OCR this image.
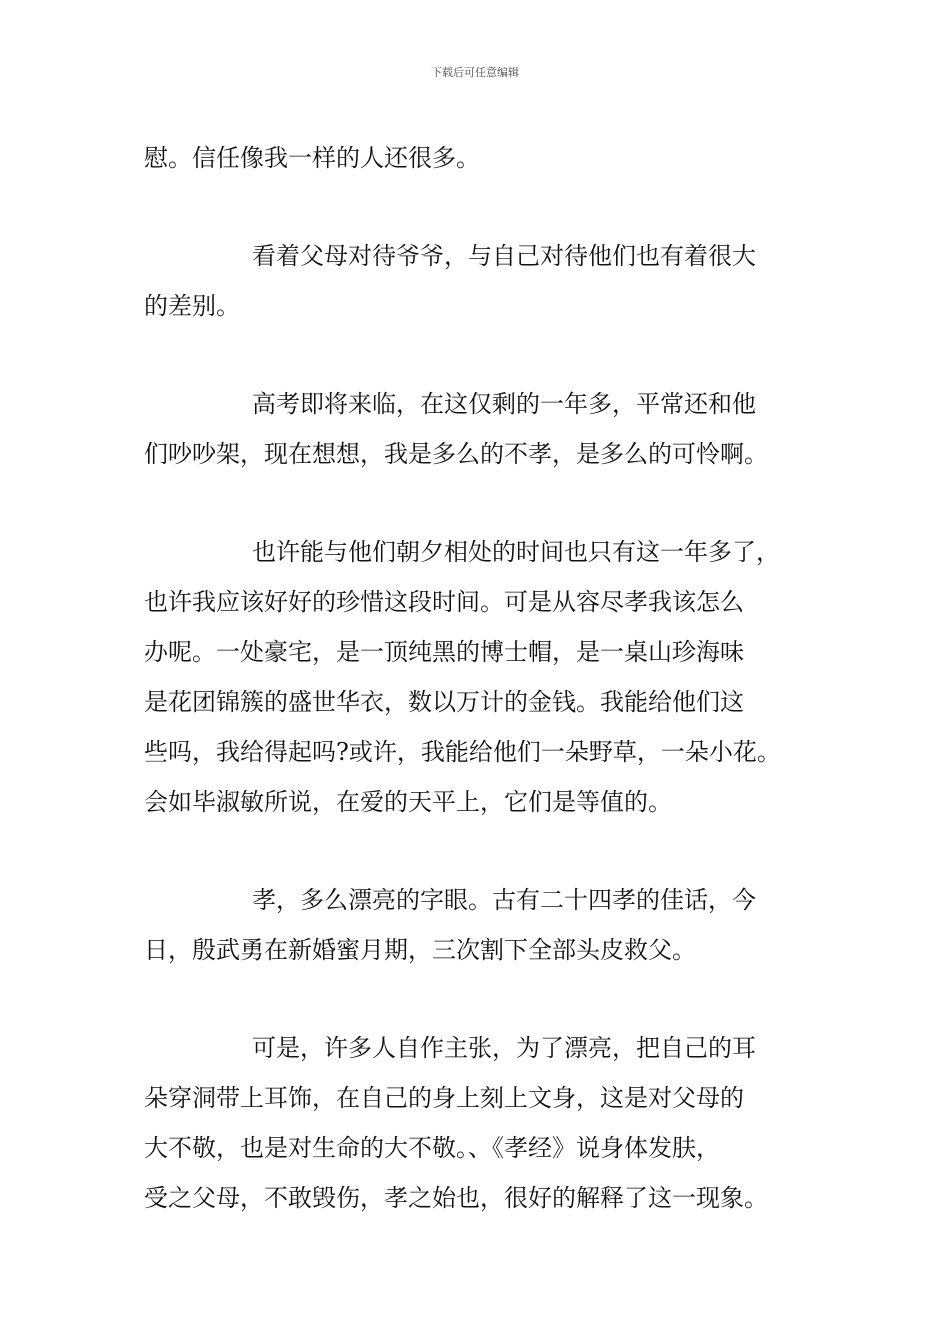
下载后可任意编辑
慰。信任像我一样的人还很多。
看着父母对待爷爷，与自己对待他们也有着很大
的差别。
高考即将来临，在这仅剩的一年多，平常还和他
们吵吵架，现在想想，我是多么的不孝，是多么的可怜啊。
也许能与他们朝夕相处的时间也只有这一年多了，
也许我应该好好的珍惜这段时间。可是从容尽孝我该怎么
办呢。一处豪宅，是一顶纯黑的博士帽，是一桌山珍海味
是花团锦簇的盛世华衣，数以万计的金钱。我能给他们这
些吗，我给得起吗?或许，我能给他们一朵野草，一朵小花。
会如毕淑敏所说，在爱的天平上，它们是等值的。
孝，多么漂亮的字眼。古有二十四孝的佳话，今
日，殷武勇在新婚蜜月期，三次割下全部头皮救父。
可是，许多人自作主张，为了漂亮，把自己的耳
朵穿洞带上耳饰，在自己的身上刻上文身，这是对父母的
大不敬，也是对生命的大不敬。、《孝经》说身体发肤，
受之父母，不敢毁伤，孝之始也，很好的解释了这一现象。
